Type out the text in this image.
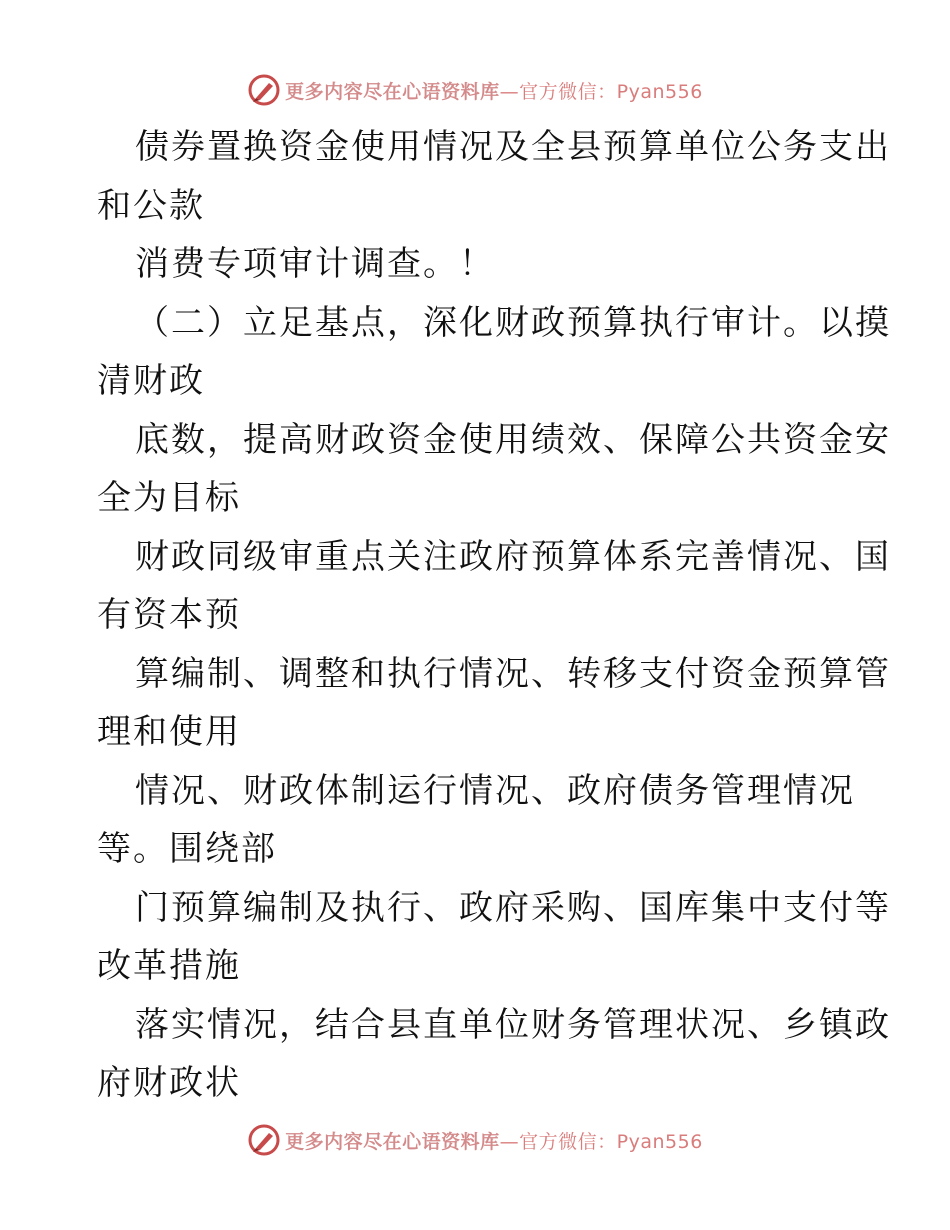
更多内容尽在心语资料库—官方微信：Pyan556
债券置换资金使用情况及全县预算单位公务支出
和公款
消费专项审计调查。！
（二）立足基点，深化财政预算执行审计。以摸
清财政
底数，提高财政资金使用绩效、保障公共资金安
全为目标
财政同级审重点关注政府预算体系完善情况、国
有资本预
算编制、调整和执行情况、转移支付资金预算管
理和使用
情况、财政体制运行情况、政府债务管理情况
等。围绕部
门预算编制及执行、政府采购、国库集中支付等
改革措施
落实情况，结合县直单位财务管理状况、乡镇政
府财政状
更多内容尽在心语资料库—官方微信：Pyan556
